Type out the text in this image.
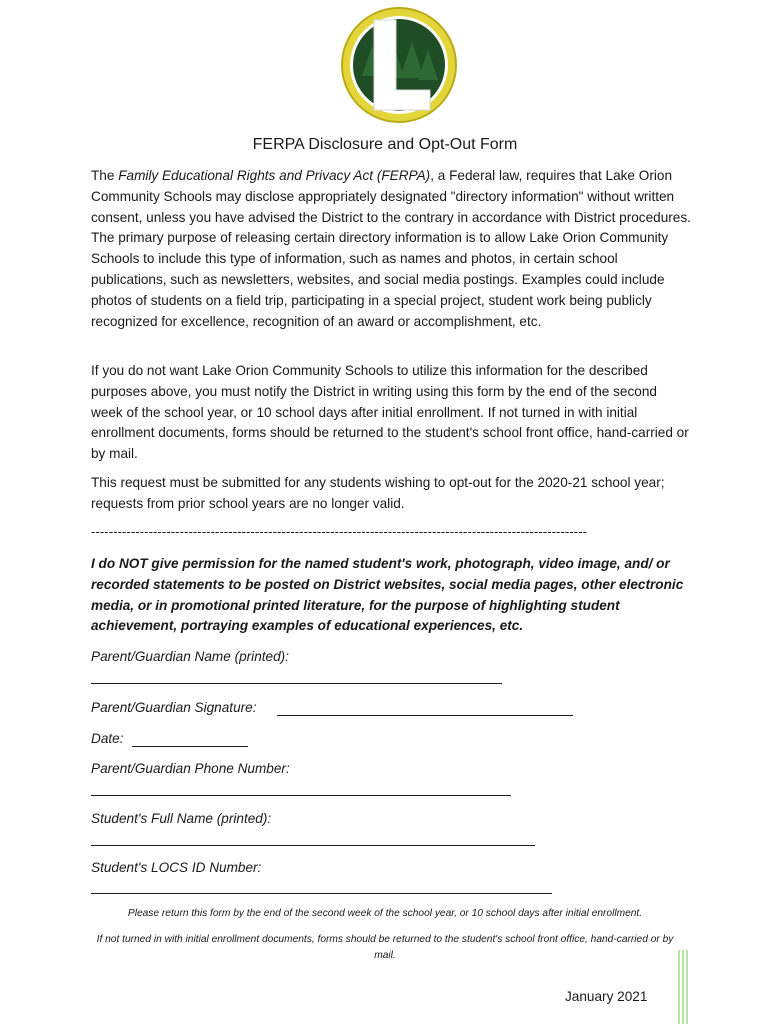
L
FERPA Disclosure and Opt-Out Form

The Family Educational Rights and Privacy Act (FERPA), a Federal law, requires that Lake Orion Community Schools may disclose appropriately designated "directory information" without written consent, unless you have advised the District to the contrary in accordance with District procedures. The primary purpose of releasing certain directory information is to allow Lake Orion Community Schools to include this type of information, such as names and photos, in certain school publications, such as newsletters, websites, and social media postings. Examples could include photos of students on a field trip, participating in a special project, student work being publicly recognized for excellence, recognition of an award or accomplishment, etc.

If you do not want Lake Orion Community Schools to utilize this information for the described purposes above, you must notify the District in writing using this form by the end of the second week of the school year, or 10 school days after initial enrollment. If not turned in with initial enrollment documents, forms should be returned to the student's school front office, hand-carried or by mail.

This request must be submitted for any students wishing to opt-out for the 2020-21 school year; requests from prior school years are no longer valid.

----------------------------------------------------------------------------------------------------------------

I do NOT give permission for the named student's work, photograph, video image, and/ or recorded statements to be posted on District websites, social media pages, other electronic media, or in promotional printed literature, for the purpose of highlighting student achievement, portraying examples of educational experiences, etc.

Parent/Guardian Name (printed):
Parent/Guardian Signature:
Date:
Parent/Guardian Phone Number:
Student's Full Name (printed):
Student's LOCS ID Number:

Please return this form by the end of the second week of the school year, or 10 school days after initial enrollment.

If not turned in with initial enrollment documents, forms should be returned to the student's school front office, hand-carried or by mail.

January 2021
